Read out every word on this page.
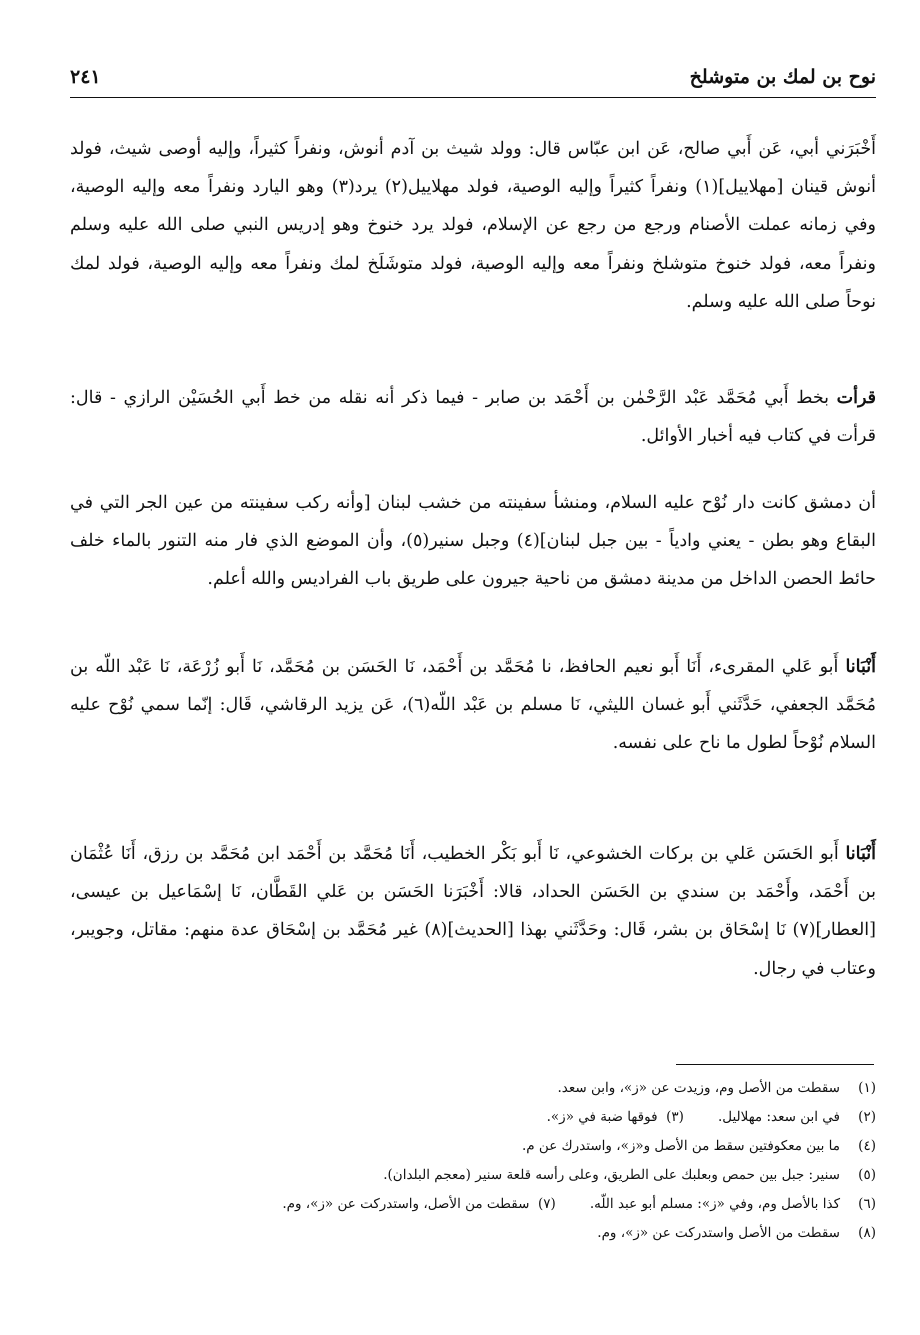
نوح بن لمك بن متوشلخ
٢٤١

أَخْبَرَني أبي، عَن أَبي صالح، عَن ابن عبّاس قال: وولد شيث بن آدم أنوش، ونفراً كثيراً، وإليه أوصى شيث، فولد أنوش قينان [مهلاييل](١) ونفراً كثيراً وإليه الوصية، فولد مهلاييل(٢) يرد(٣) وهو اليارد ونفراً معه وإليه الوصية، وفي زمانه عملت الأصنام ورجع من رجع عن الإسلام، فولد يرد خنوخ وهو إدريس النبي صلى الله عليه وسلم ونفراً معه، فولد خنوخ متوشلخ ونفراً معه وإليه الوصية، فولد متوشَلَخ لمك ونفراً معه وإليه الوصية، فولد لمك نوحاً صلى الله عليه وسلم.

قرأت بخط أَبي مُحَمَّد عَبْد الرَّحْمٰن بن أَحْمَد بن صابر - فيما ذكر أنه نقله من خط أَبي الحُسَيْن الرازي - قال: قرأت في كتاب فيه أخبار الأوائل.

أن دمشق كانت دار نُوْح عليه السلام، ومنشأ سفينته من خشب لبنان [وأنه ركب سفينته من عين الجر التي في البقاع وهو بطن - يعني وادياً - بين جبل لبنان](٤) وجبل سنير(٥)، وأن الموضع الذي فار منه التنور بالماء خلف حائط الحصن الداخل من مدينة دمشق من ناحية جيرون على طريق باب الفراديس والله أعلم.

أَنْبَانا أَبو عَلي المقرىء، أَنَا أَبو نعيم الحافظ، نا مُحَمَّد بن أَحْمَد، نَا الحَسَن بن مُحَمَّد، نَا أَبو زُرْعَة، نَا عَبْد اللّه بن مُحَمَّد الجعفي، حَدَّثَني أَبو غسان الليثي، نَا مسلم بن عَبْد اللّه(٦)، عَن يزيد الرقاشي، قَال: إنّما سمي نُوْح عليه السلام نُوْحاً لطول ما ناح على نفسه.

أَنْبَانا أَبو الحَسَن عَلي بن بركات الخشوعي، نَا أَبو بَكْر الخطيب، أَنَا مُحَمَّد بن أَحْمَد ابن مُحَمَّد بن رزق، أَنَا عُثْمَان بن أَحْمَد، وأَحْمَد بن سندي بن الحَسَن الحداد، قالا: أَخْبَرَنا الحَسَن بن عَلي القَطَّان، نَا إسْمَاعيل بن عيسى، [العطار](٧) نَا إسْحَاق بن بشر، قَال: وحَدَّثَني بهذا [الحديث](٨) غير مُحَمَّد بن إسْحَاق عدة منهم: مقاتل، وجويبر، وعتاب في رجال.

(١)سقطت من الأصل وم، وزيدت عن «ز»، وابن سعد.
(٢)في ابن سعد: مهلاليل.(٣)  فوقها ضبة في «ز».
(٤)ما بين معكوفتين سقط من الأصل و«ز»، واستدرك عن م.
(٥)سنير: جبل بين حمص وبعلبك على الطريق، وعلى رأسه قلعة سنير (معجم البلدان).
(٦)كذا بالأصل وم، وفي «ز»: مسلم أبو عبد اللّه.(٧)  سقطت من الأصل، واستدركت عن «ز»، وم.
(٨)سقطت من الأصل واستدركت عن «ز»، وم.
